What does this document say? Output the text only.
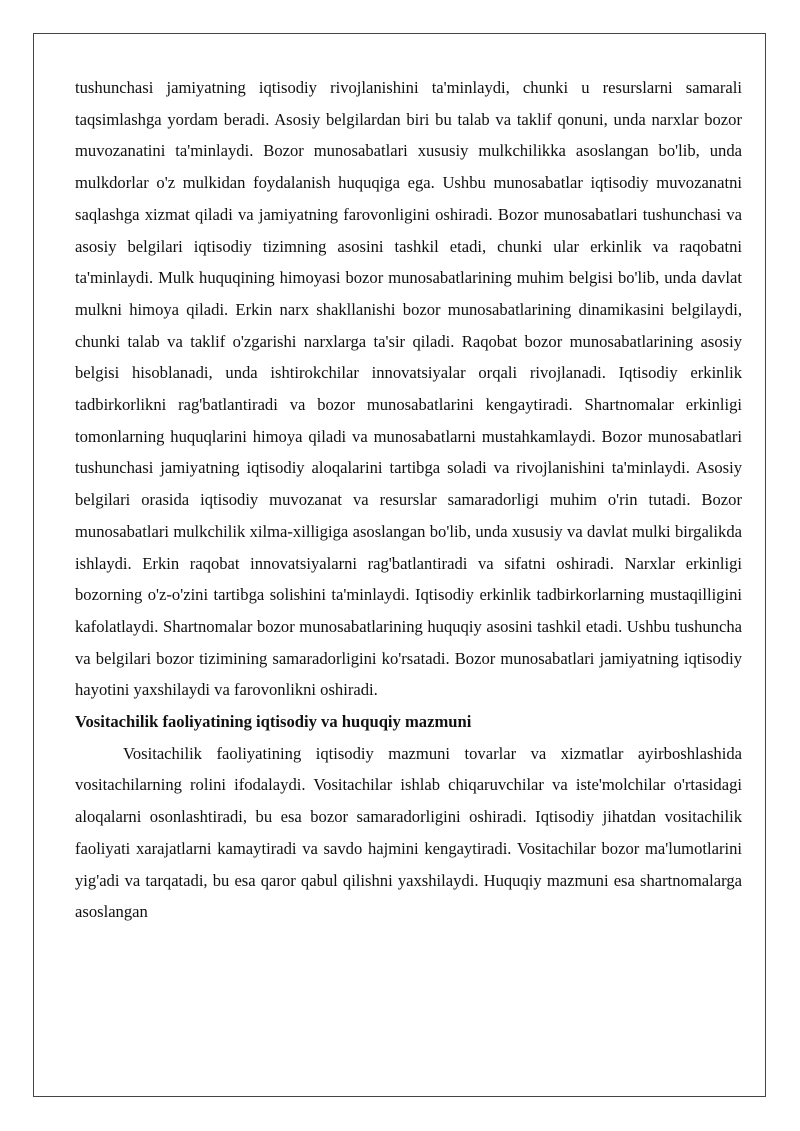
tushunchasi jamiyatning iqtisodiy rivojlanishini ta'minlaydi, chunki u resurslarni samarali taqsimlashga yordam beradi. Asosiy belgilardan biri bu talab va taklif qonuni, unda narxlar bozor muvozanatini ta'minlaydi. Bozor munosabatlari xususiy mulkchilikka asoslangan bo'lib, unda mulkdorlar o'z mulkidan foydalanish huquqiga ega. Ushbu munosabatlar iqtisodiy muvozanatni saqlashga xizmat qiladi va jamiyatning farovonligini oshiradi. Bozor munosabatlari tushunchasi va asosiy belgilari iqtisodiy tizimning asosini tashkil etadi, chunki ular erkinlik va raqobatni ta'minlaydi. Mulk huquqining himoyasi bozor munosabatlarining muhim belgisi bo'lib, unda davlat mulkni himoya qiladi. Erkin narx shakllanishi bozor munosabatlarining dinamikasini belgilaydi, chunki talab va taklif o'zgarishi narxlarga ta'sir qiladi. Raqobat bozor munosabatlarining asosiy belgisi hisoblanadi, unda ishtirokchilar innovatsiyalar orqali rivojlanadi. Iqtisodiy erkinlik tadbirkorlikni rag'batlantiradi va bozor munosabatlarini kengaytiradi. Shartnomalar erkinligi tomonlarning huquqlarini himoya qiladi va munosabatlarni mustahkamlaydi. Bozor munosabatlari tushunchasi jamiyatning iqtisodiy aloqalarini tartibga soladi va rivojlanishini ta'minlaydi. Asosiy belgilari orasida iqtisodiy muvozanat va resurslar samaradorligi muhim o'rin tutadi. Bozor munosabatlari mulkchilik xilma-xilligiga asoslangan bo'lib, unda xususiy va davlat mulki birgalikda ishlaydi. Erkin raqobat innovatsiyalarni rag'batlantiradi va sifatni oshiradi. Narxlar erkinligi bozorning o'z-o'zini tartibga solishini ta'minlaydi. Iqtisodiy erkinlik tadbirkorlarning mustaqilligini kafolatlaydi. Shartnomalar bozor munosabatlarining huquqiy asosini tashkil etadi. Ushbu tushuncha va belgilari bozor tizimining samaradorligini ko'rsatadi. Bozor munosabatlari jamiyatning iqtisodiy hayotini yaxshilaydi va farovonlikni oshiradi.

Vositachilik faoliyatining iqtisodiy va huquqiy mazmuni

Vositachilik faoliyatining iqtisodiy mazmuni tovarlar va xizmatlar ayirboshlashida vositachilarning rolini ifodalaydi. Vositachilar ishlab chiqaruvchilar va iste'molchilar o'rtasidagi aloqalarni osonlashtiradi, bu esa bozor samaradorligini oshiradi. Iqtisodiy jihatdan vositachilik faoliyati xarajatlarni kamaytiradi va savdo hajmini kengaytiradi. Vositachilar bozor ma'lumotlarini yig'adi va tarqatadi, bu esa qaror qabul qilishni yaxshilaydi. Huquqiy mazmuni esa shartnomalarga asoslangan
